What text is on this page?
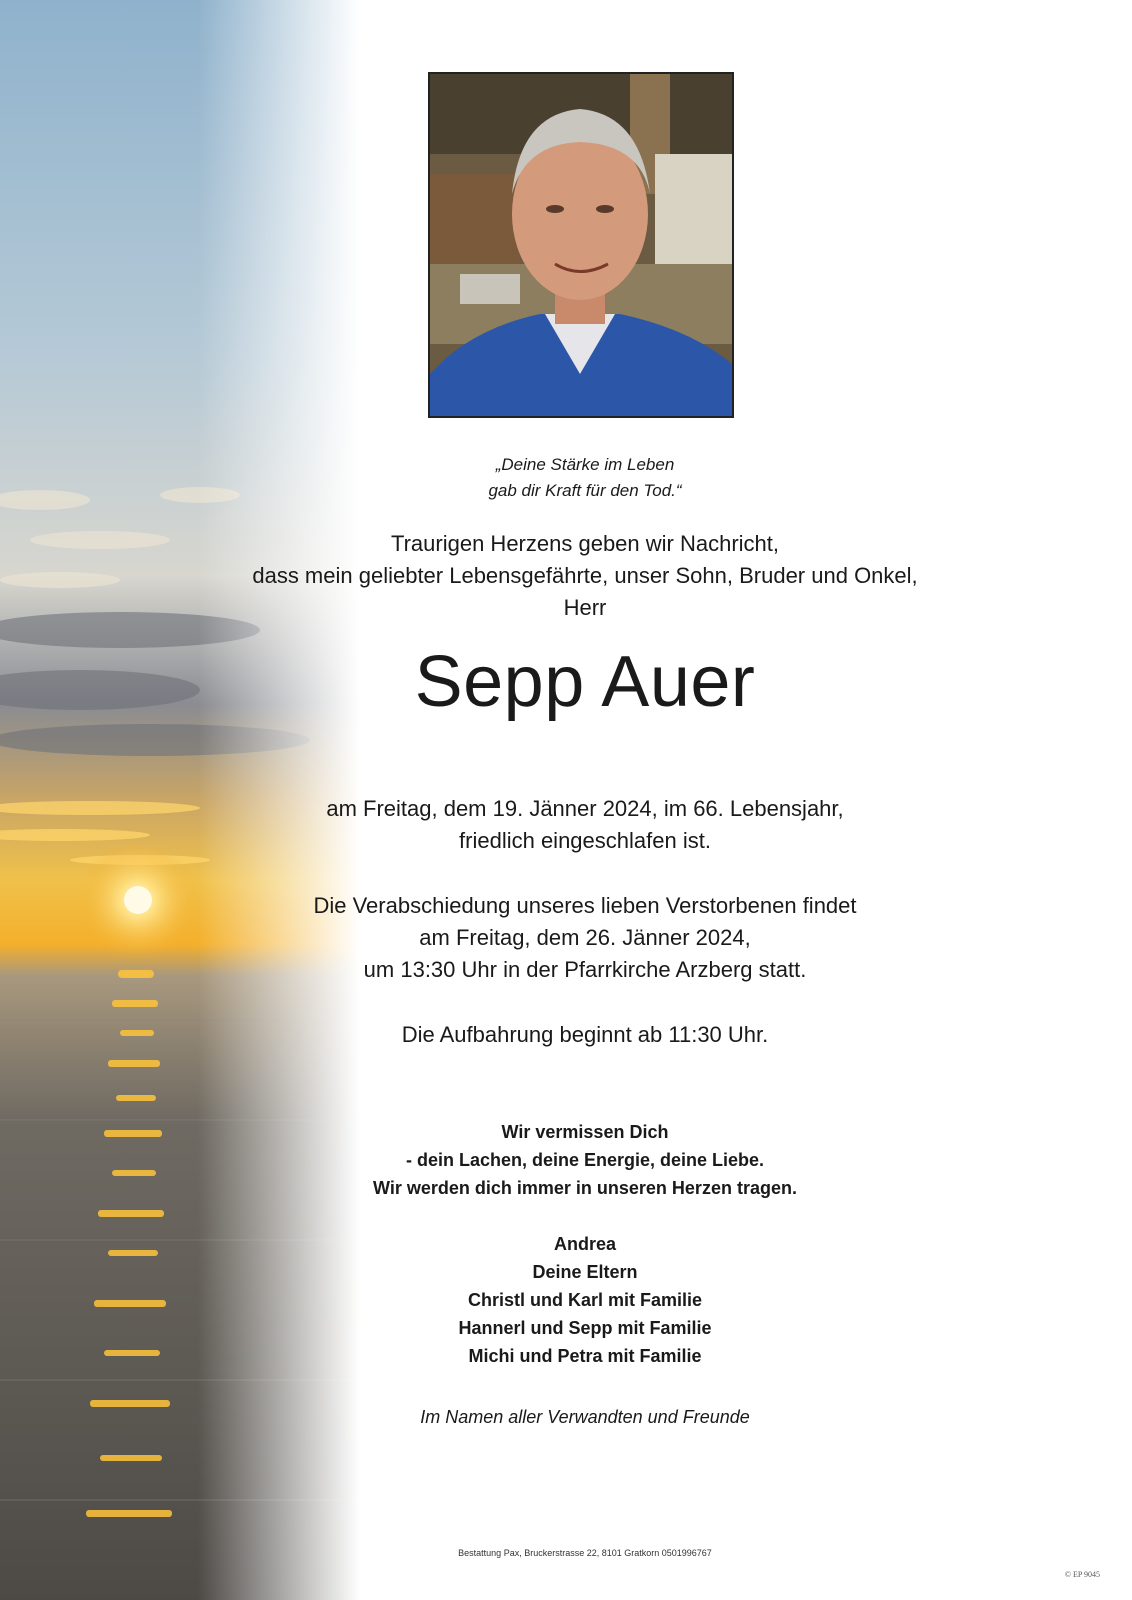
„Deine Stärke im Leben
gab dir Kraft für den Tod.“
Traurigen Herzens geben wir Nachricht,
dass mein geliebter Lebensgefährte, unser Sohn, Bruder und Onkel,
Herr
Sepp Auer
am Freitag, dem 19. Jänner 2024, im 66. Lebensjahr,
friedlich eingeschlafen ist.
Die Verabschiedung unseres lieben Verstorbenen findet
am Freitag, dem 26. Jänner 2024,
um 13:30 Uhr in der Pfarrkirche Arzberg statt.
Die Aufbahrung beginnt ab 11:30 Uhr.
Wir vermissen Dich
- dein Lachen, deine Energie, deine Liebe.
Wir werden dich immer in unseren Herzen tragen.
Andrea
Deine Eltern
Christl und Karl mit Familie
Hannerl und Sepp mit Familie
Michi und Petra mit Familie
Im Namen aller Verwandten und Freunde
Bestattung Pax, Bruckerstrasse 22, 8101 Gratkorn 0501996767
© EP 9045
